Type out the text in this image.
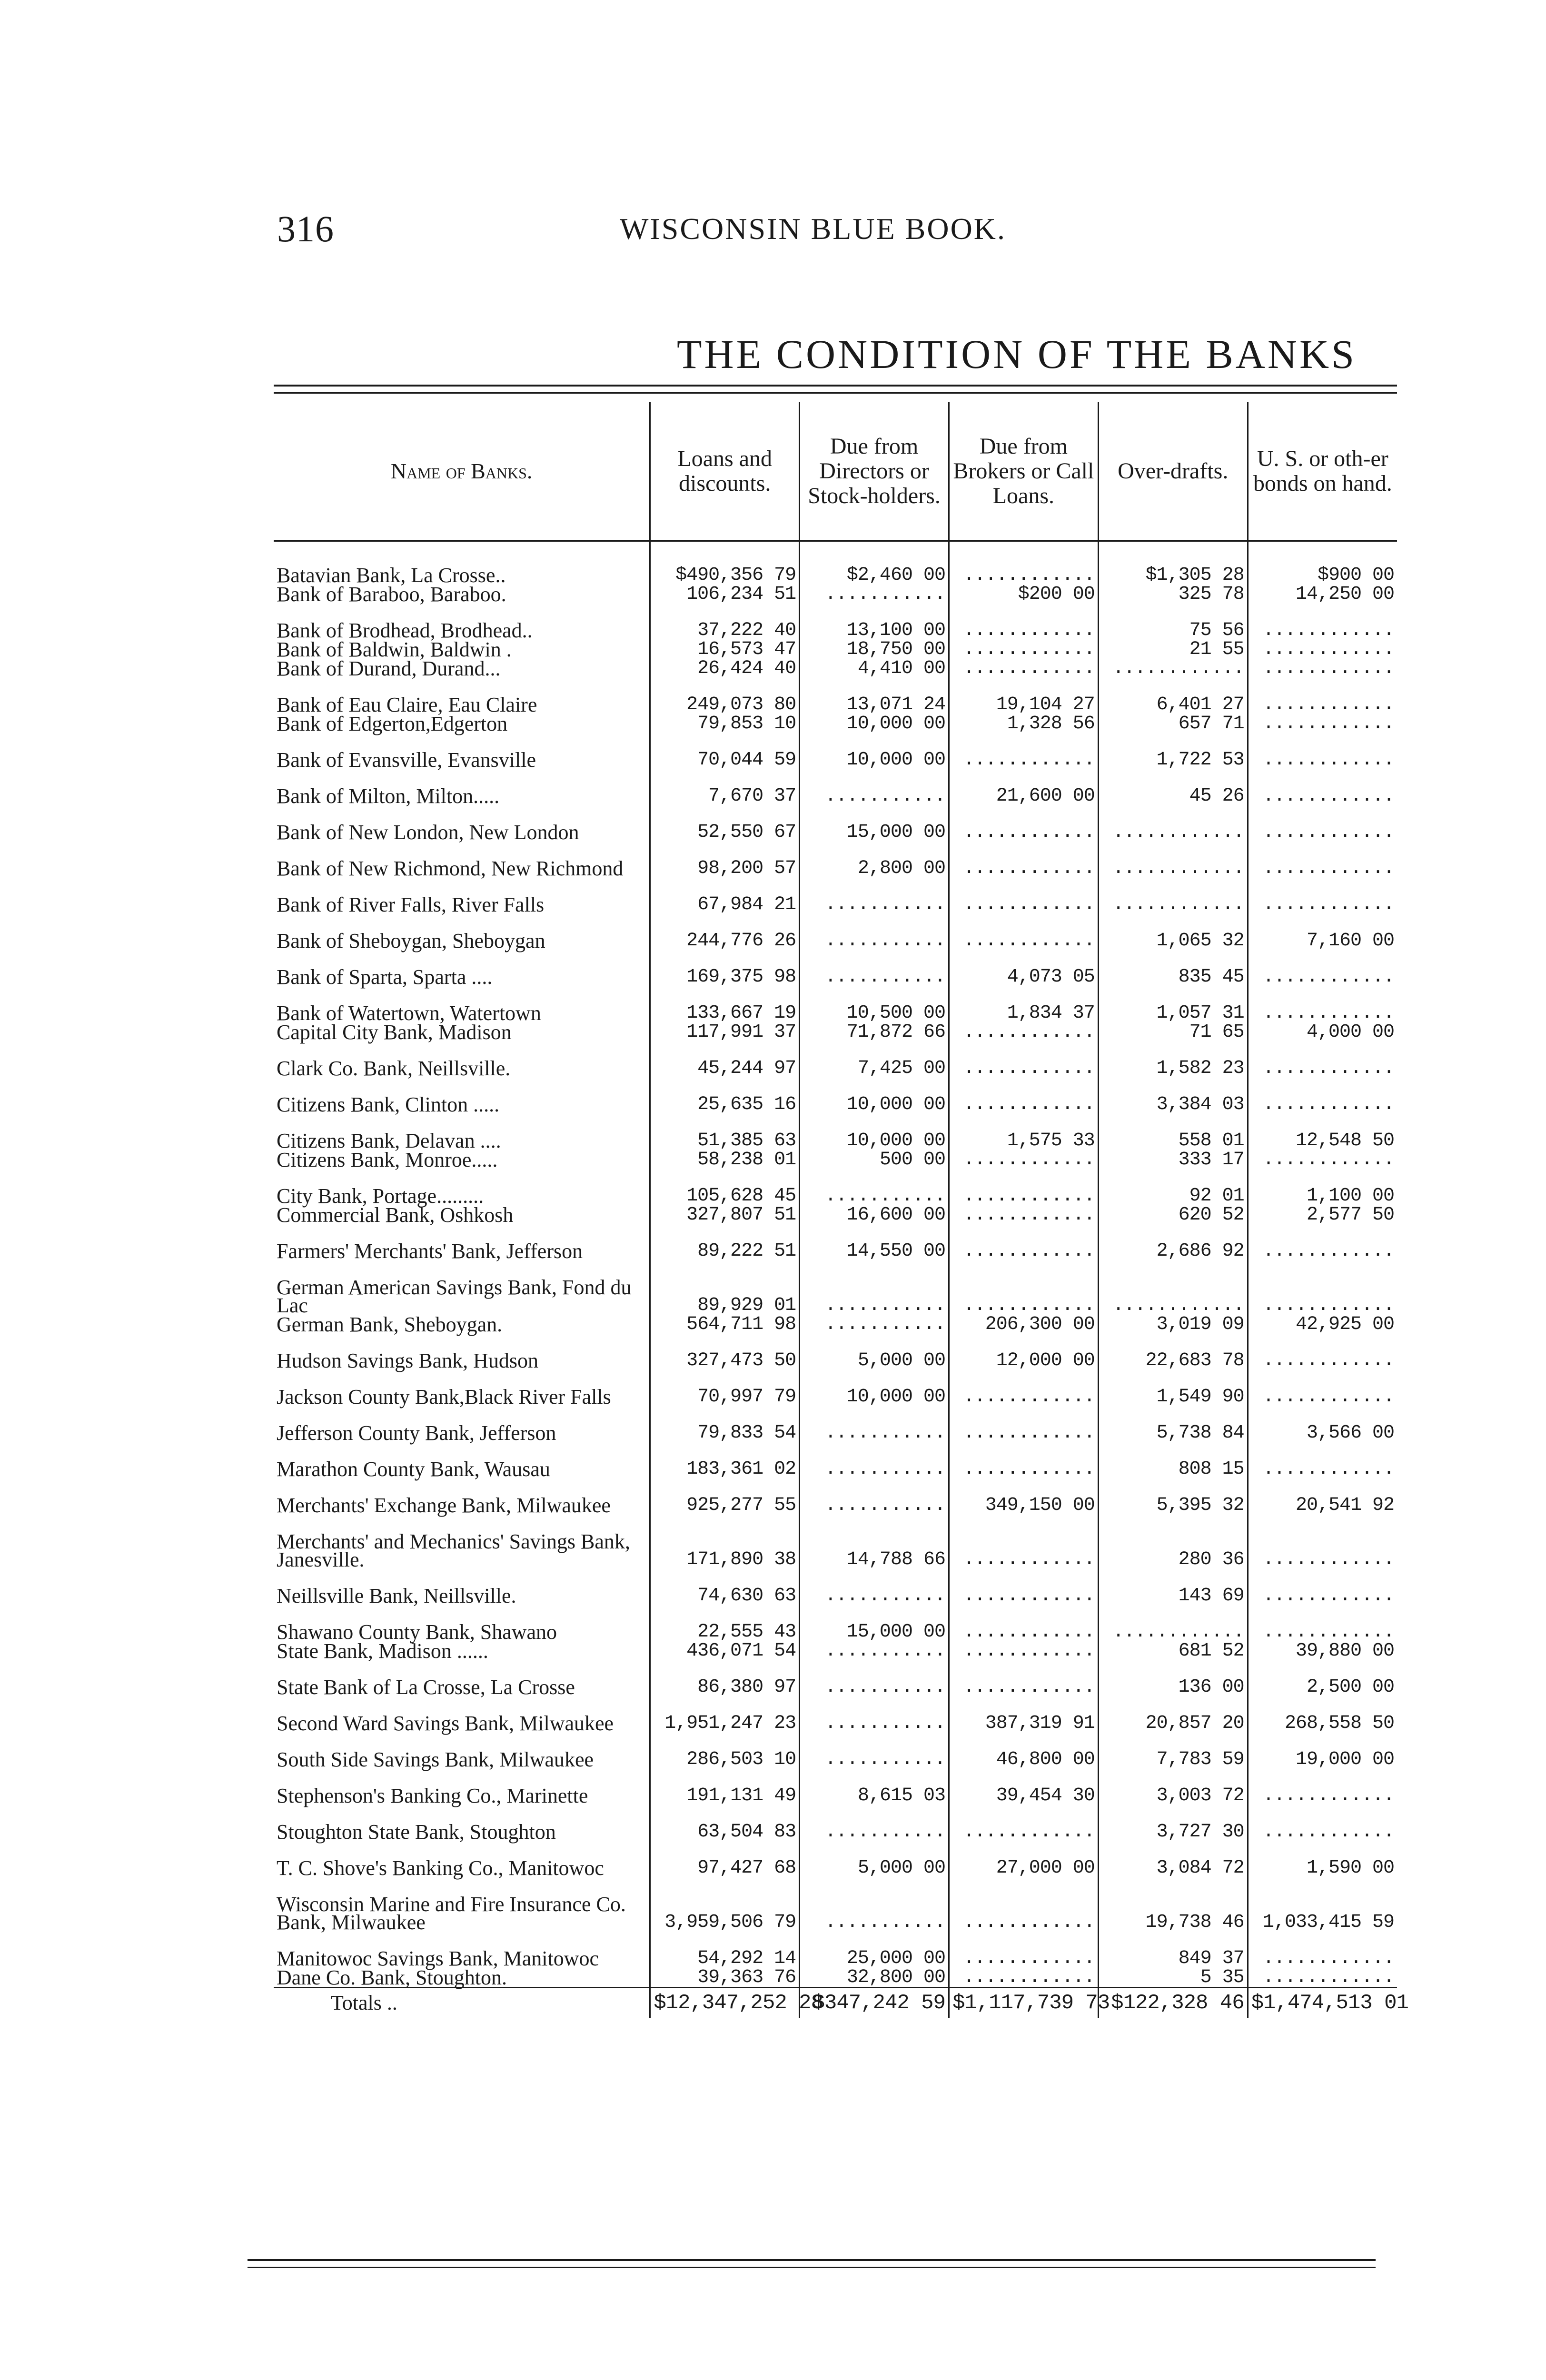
316	WISCONSIN BLUE BOOK.
THE CONDITION OF THE BANKS
Name of Banks.	Loans and discounts.	Due from Directors or Stock-holders.	Due from Brokers or Call Loans.	Over-drafts.	U. S. or oth-er bonds on hand.
Batavian Bank, La Crosse..	$490,356 79	$2,460 00	............	$1,305 28	$900 00
Bank of Baraboo, Baraboo.	106,234 51	...........	$200 00	325 78	14,250 00
Bank of Brodhead, Brodhead..	37,222 40	13,100 00	............	75 56	............
Bank of Baldwin, Baldwin .	16,573 47	18,750 00	............	21 55	............
Bank of Durand, Durand...	26,424 40	4,410 00	............	............	............
Bank of Eau Claire, Eau Claire	249,073 80	13,071 24	19,104 27	6,401 27	............
Bank of Edgerton,Edgerton	79,853 10	10,000 00	1,328 56	657 71	............
Bank of Evansville, Evansville	70,044 59	10,000 00	............	1,722 53	............
Bank of Milton, Milton.....	7,670 37	...........	21,600 00	45 26	............
Bank of New London, New London	52,550 67	15,000 00	............	............	............
Bank of New Richmond, New Richmond	98,200 57	2,800 00	............	............	............
Bank of River Falls, River Falls	67,984 21	...........	............	............	............
Bank of Sheboygan, Sheboygan	244,776 26	...........	............	1,065 32	7,160 00
Bank of Sparta, Sparta ....	169,375 98	...........	4,073 05	835 45	............
Bank of Watertown, Watertown	133,667 19	10,500 00	1,834 37	1,057 31	............
Capital City Bank, Madison	117,991 37	71,872 66	............	71 65	4,000 00
Clark Co. Bank, Neillsville.	45,244 97	7,425 00	............	1,582 23	............
Citizens Bank, Clinton .....	25,635 16	10,000 00	............	3,384 03	............
Citizens Bank, Delavan ....	51,385 63	10,000 00	1,575 33	558 01	12,548 50
Citizens Bank, Monroe.....	58,238 01	500 00	............	333 17	............
City Bank, Portage.........	105,628 45	...........	............	92 01	1,100 00
Commercial Bank, Oshkosh	327,807 51	16,600 00	............	620 52	2,577 50
Farmers' Merchants' Bank, Jefferson	89,222 51	14,550 00	............	2,686 92	............
German American Savings Bank, Fond du Lac	89,929 01	...........	............	............	............
German Bank, Sheboygan.	564,711 98	...........	206,300 00	3,019 09	42,925 00
Hudson Savings Bank, Hudson	327,473 50	5,000 00	12,000 00	22,683 78	............
Jackson County Bank,Black River Falls	70,997 79	10,000 00	............	1,549 90	............
Jefferson County Bank, Jefferson	79,833 54	...........	............	5,738 84	3,566 00
Marathon County Bank, Wausau	183,361 02	...........	............	808 15	............
Merchants' Exchange Bank, Milwaukee	925,277 55	...........	349,150 00	5,395 32	20,541 92
Merchants' and Mechanics' Savings Bank, Janesville.	171,890 38	14,788 66	............	280 36	............
Neillsville Bank, Neillsville.	74,630 63	...........	............	143 69	............
Shawano County Bank, Shawano	22,555 43	15,000 00	............	............	............
State Bank, Madison ......	436,071 54	...........	............	681 52	39,880 00
State Bank of La Crosse, La Crosse	86,380 97	...........	............	136 00	2,500 00
Second Ward Savings Bank, Milwaukee	1,951,247 23	...........	387,319 91	20,857 20	268,558 50
South Side Savings Bank, Milwaukee	286,503 10	...........	46,800 00	7,783 59	19,000 00
Stephenson's Banking Co., Marinette	191,131 49	8,615 03	39,454 30	3,003 72	............
Stoughton State Bank, Stoughton	63,504 83	...........	............	3,727 30	............
T. C. Shove's Banking Co., Manitowoc	97,427 68	5,000 00	27,000 00	3,084 72	1,590 00
Wisconsin Marine and Fire Insurance Co. Bank, Milwaukee	3,959,506 79	...........	............	19,738 46	1,033,415 59
Manitowoc Savings Bank, Manitowoc	54,292 14	25,000 00	............	849 37	............
Dane Co. Bank, Stoughton.	39,363 76	32,800 00	............	5 35	............
Totals ..	$12,347,252 28	$347,242 59	$1,117,739 73	$122,328 46	$1,474,513 01
